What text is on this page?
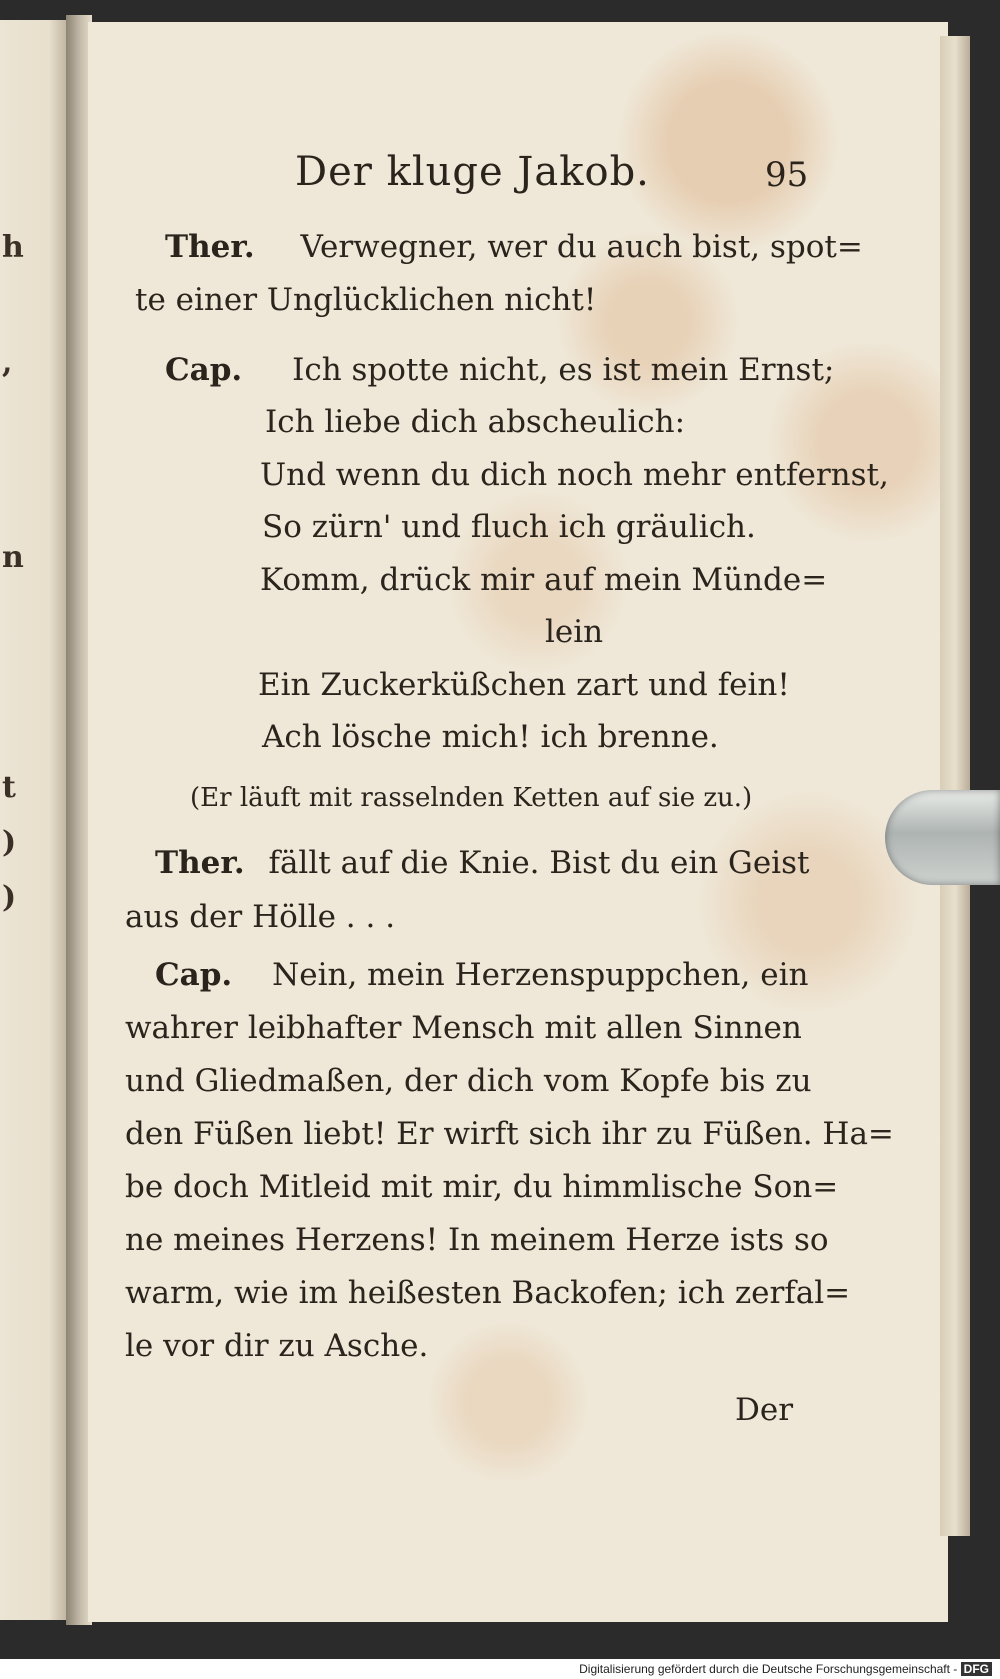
h
,
n
t
)
)
Der kluge Jakob.	95
Ther. Verwegner, wer du auch bist, spot=
te einer Unglücklichen nicht!
Cap. Ich spotte nicht, es ist mein Ernst;
Ich liebe dich abscheulich:
Und wenn du dich noch mehr entfernst,
So zürn' und fluch ich gräulich.
Komm, drück mir auf mein Münde=
lein
Ein Zuckerküßchen zart und fein!
Ach lösche mich! ich brenne.
(Er läuft mit rasselnden Ketten auf sie zu.)
Ther. fällt auf die Knie. Bist du ein Geist
aus der Hölle . . .
Cap. Nein, mein Herzenspuppchen, ein
wahrer leibhafter Mensch mit allen Sinnen
und Gliedmaßen, der dich vom Kopfe bis zu
den Füßen liebt! Er wirft sich ihr zu Füßen. Ha=
be doch Mitleid mit mir, du himmlische Son=
ne meines Herzens! In meinem Herze ists so
warm, wie im heißesten Backofen; ich zerfal=
le vor dir zu Asche.
Der
Digitalisierung gefördert durch die Deutsche Forschungsgemeinschaft - DFG
